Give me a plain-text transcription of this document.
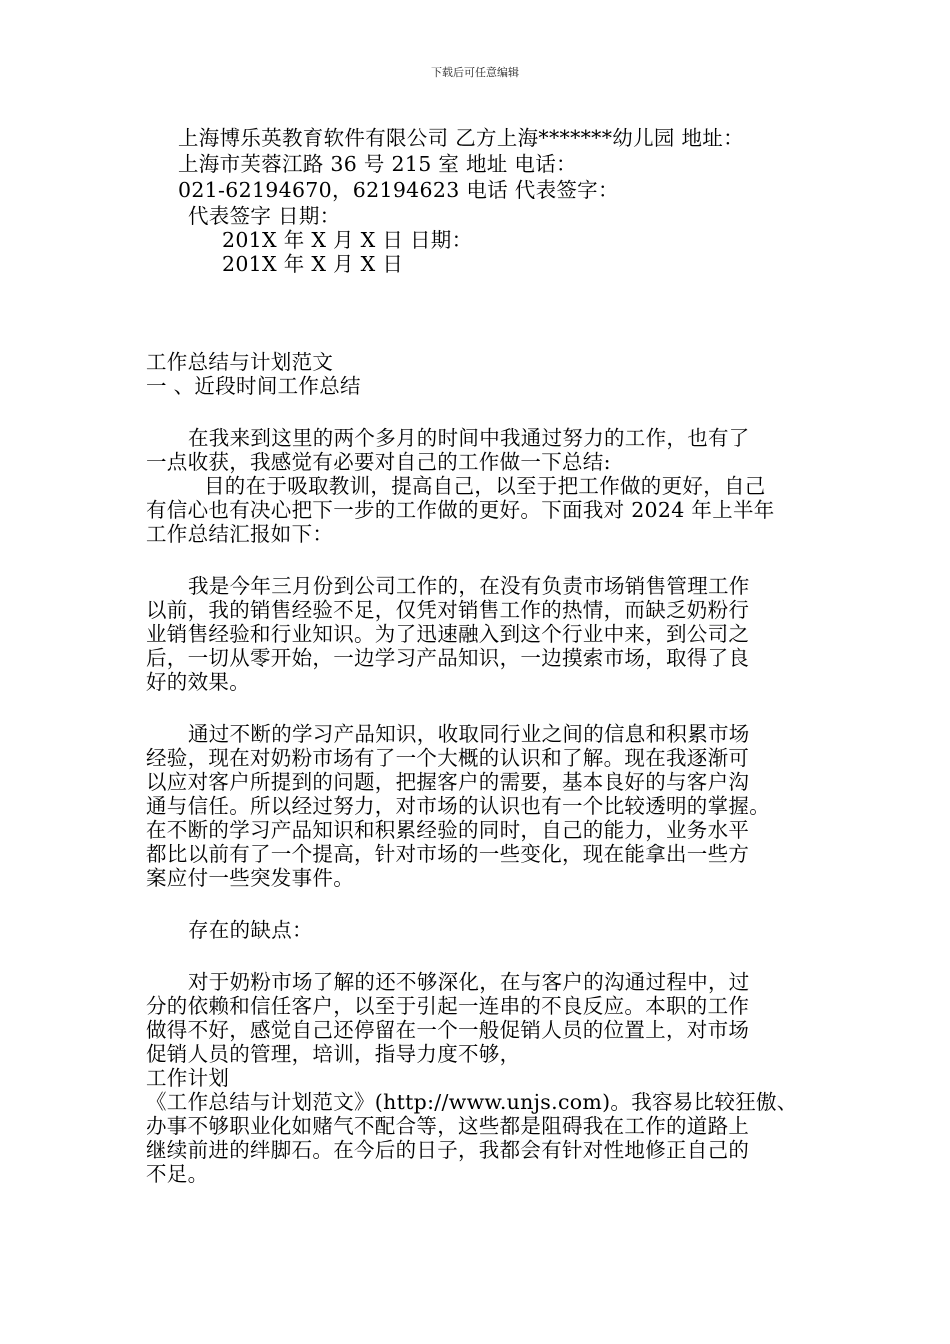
下载后可任意编辑
上海博乐英教育软件有限公司 乙方上海*******幼儿园 地址：
上海市芙蓉江路 36 号 215 室 地址 电话：
021-62194670，62194623 电话 代表签字：
代表签字 日期：
201X 年 X 月 X 日 日期：
201X 年 X 月 X 日
工作总结与计划范文
一 、近段时间工作总结
在我来到这里的两个多月的时间中我通过努力的工作，也有了
一点收获，我感觉有必要对自己的工作做一下总结:
目的在于吸取教训，提高自己，以至于把工作做的更好，自己
有信心也有决心把下一步的工作做的更好。下面我对 2024 年上半年
工作总结汇报如下：
我是今年三月份到公司工作的，在没有负责市场销售管理工作
以前，我的销售经验不足，仅凭对销售工作的热情，而缺乏奶粉行
业销售经验和行业知识。为了迅速融入到这个行业中来，到公司之
后，一切从零开始，一边学习产品知识，一边摸索市场，取得了良
好的效果。
通过不断的学习产品知识，收取同行业之间的信息和积累市场
经验，现在对奶粉市场有了一个大概的认识和了解。现在我逐渐可
以应对客户所提到的问题，把握客户的需要，基本良好的与客户沟
通与信任。所以经过努力，对市场的认识也有一个比较透明的掌握。
在不断的学习产品知识和积累经验的同时，自己的能力，业务水平
都比以前有了一个提高，针对市场的一些变化，现在能拿出一些方
案应付一些突发事件。
存在的缺点：
对于奶粉市场了解的还不够深化，在与客户的沟通过程中，过
分的依赖和信任客户，以至于引起一连串的不良反应。本职的工作
做得不好，感觉自己还停留在一个一般促销人员的位置上，对市场
促销人员的管理，培训，指导力度不够，
工作计划
《工作总结与计划范文》(http://www.unjs.com)。我容易比较狂傲、
办事不够职业化如赌气不配合等，这些都是阻碍我在工作的道路上
继续前进的绊脚石。在今后的日子，我都会有针对性地修正自己的
不足。
